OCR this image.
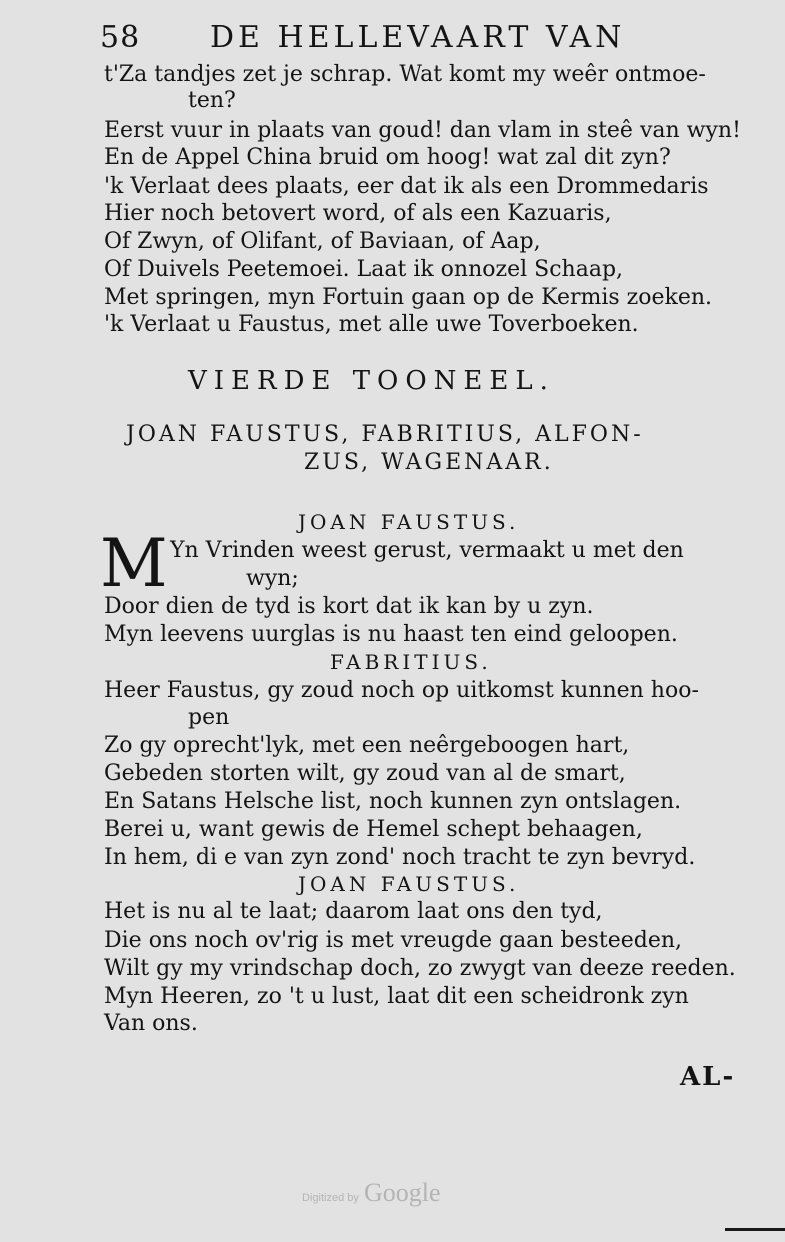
58 DE HELLEVAART VAN
t'Za tandjes zet je schrap. Wat komt my weêr ontmoe-
ten?
Eerst vuur in plaats van goud! dan vlam in steê van wyn!
En de Appel China bruid om hoog! wat zal dit zyn?
'k Verlaat dees plaats, eer dat ik als een Drommedaris
Hier noch betovert word, of als een Kazuaris,
Of Zwyn, of Olifant, of Baviaan, of Aap,
Of Duivels Peetemoei. Laat ik onnozel Schaap,
Met springen, myn Fortuin gaan op de Kermis zoeken.
'k Verlaat u Faustus, met alle uwe Toverboeken.
VIERDE TOONEEL.
JOAN FAUSTUS, FABRITIUS, ALFON-
ZUS, WAGENAAR.
JOAN FAUSTUS.
M Yn Vrinden weest gerust, vermaakt u met den
wyn;
Door dien de tyd is kort dat ik kan by u zyn.
Myn leevens uurglas is nu haast ten eind geloopen.
FABRITIUS.
Heer Faustus, gy zoud noch op uitkomst kunnen hoo-
pen
Zo gy oprecht'lyk, met een neêrgeboogen hart,
Gebeden storten wilt, gy zoud van al de smart,
En Satans Helsche list, noch kunnen zyn ontslagen.
Berei u, want gewis de Hemel schept behaagen,
In hem, di e van zyn zond' noch tracht te zyn bevryd.
JOAN FAUSTUS.
Het is nu al te laat; daarom laat ons den tyd,
Die ons noch ov'rig is met vreugde gaan besteeden,
Wilt gy my vrindschap doch, zo zwygt van deeze reeden.
Myn Heeren, zo 't u lust, laat dit een scheidronk zyn
Van ons.
AL-
Digitized by Google
